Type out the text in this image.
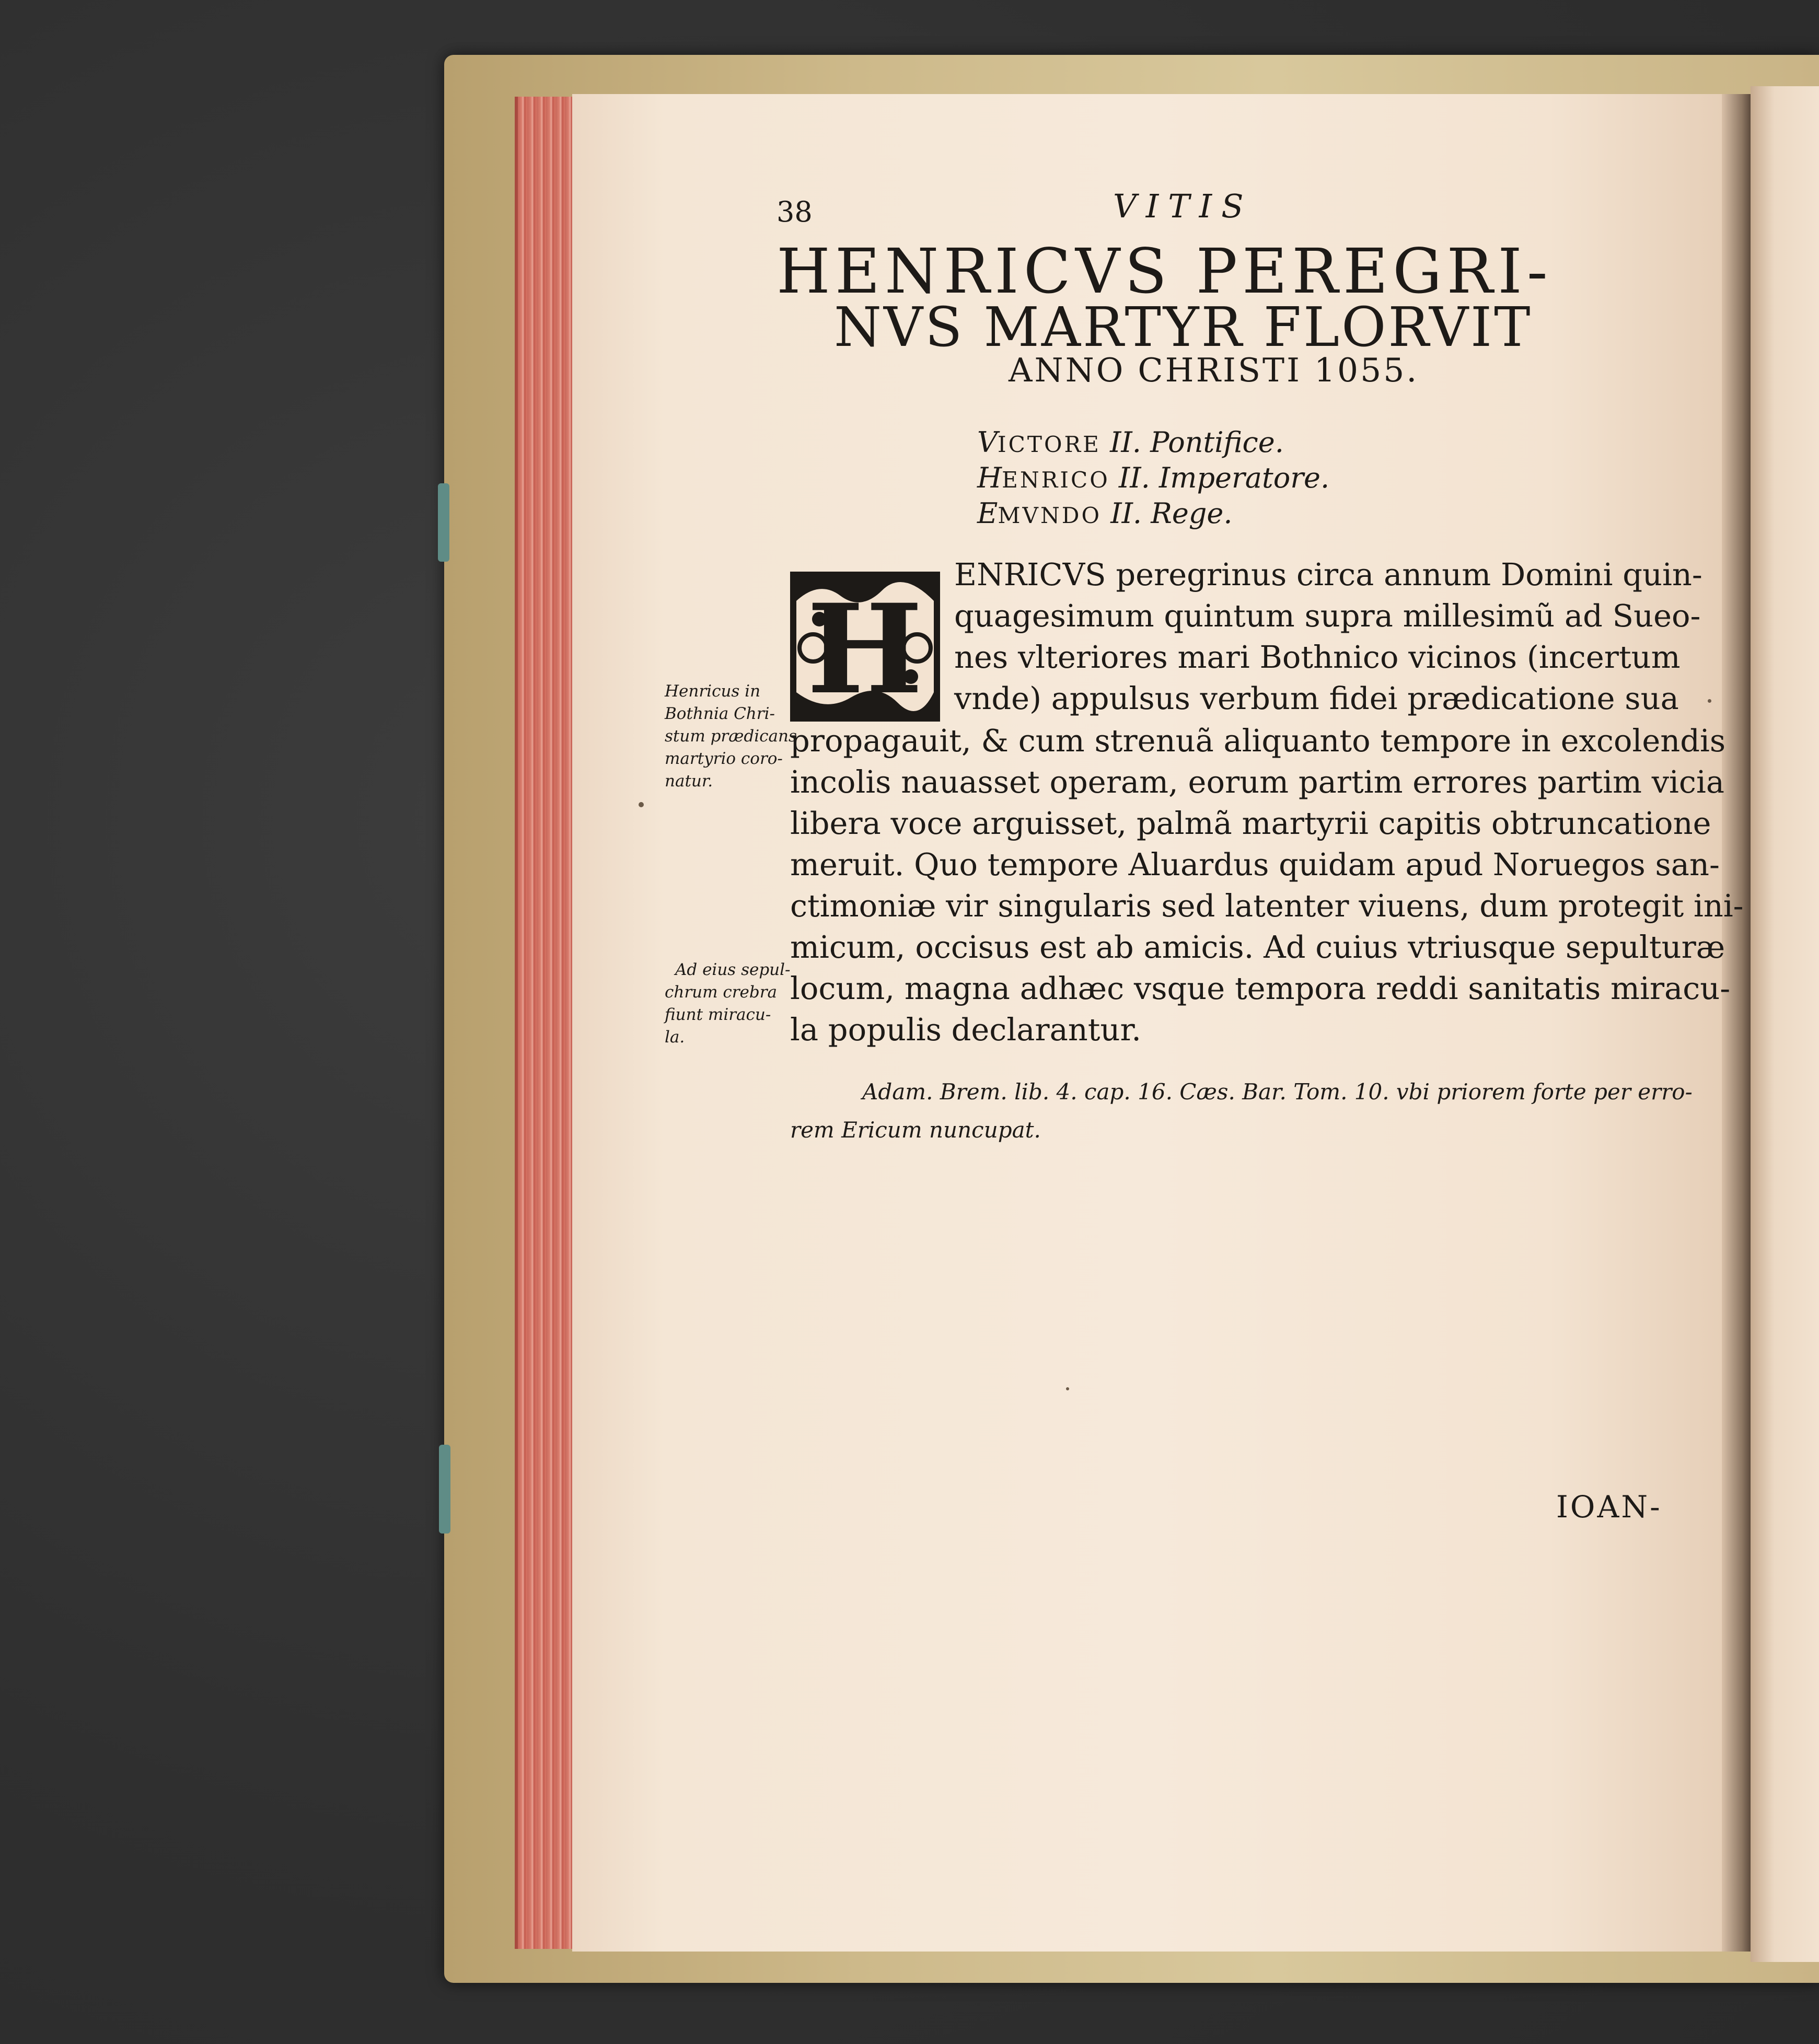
38	VITIS
HENRICVS PEREGRI-
NVS MARTYR FLORVIT
ANNO CHRISTI 1055.
VICTORE II. Pontifice.
HENRICO II. Imperatore.
EMVNDO II. Rege.
H
ENRICVS peregrinus circa annum Domini quin-
quagesimum quintum supra millesimũ ad Sueo-
nes vlteriores mari Bothnico vicinos (incertum
vnde) appulsus verbum fidei prædicatione sua
propagauit, & cum strenuã aliquanto tempore in excolendis
incolis nauasset operam, eorum partim errores partim vicia
libera voce arguisset, palmã martyrii capitis obtruncatione
meruit. Quo tempore Aluardus quidam apud Noruegos san-
ctimoniæ vir singularis sed latenter viuens, dum protegit ini-
micum, occisus est ab amicis. Ad cuius vtriusque sepulturæ
locum, magna adhæc vsque tempora reddi sanitatis miracu-
la populis declarantur.
Henricus in
Bothnia Chri-
stum prædicans
martyrio coro-
natur.
Ad eius sepul-
chrum crebra
fiunt miracu-
la.
Adam. Brem. lib. 4. cap. 16. Cæs. Bar. Tom. 10. vbi priorem forte per erro-
rem Ericum nuncupat.
IOAN-
